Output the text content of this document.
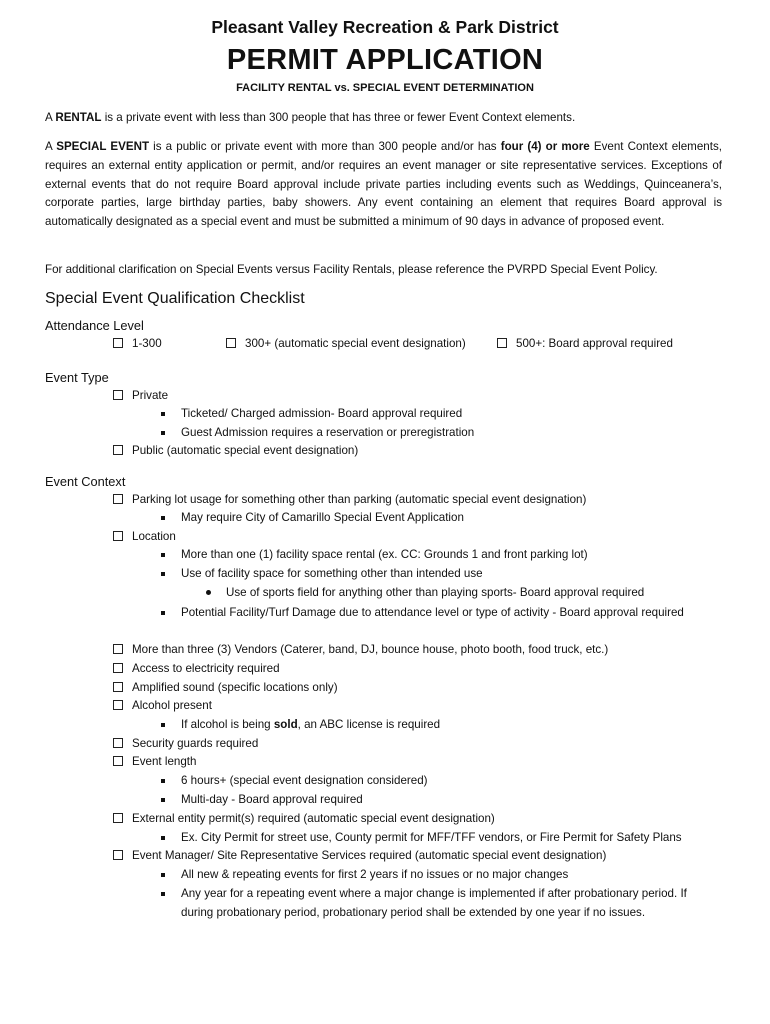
Pleasant Valley Recreation & Park District
PERMIT APPLICATION
FACILITY RENTAL vs. SPECIAL EVENT DETERMINATION
A RENTAL is a private event with less than 300 people that has three or fewer Event Context elements.
A SPECIAL EVENT is a public or private event with more than 300 people and/or has four (4) or more Event Context elements, requires an external entity application or permit, and/or requires an event manager or site representative services. Exceptions of external events that do not require Board approval include private parties including events such as Weddings, Quinceanera’s, corporate parties, large birthday parties, baby showers. Any event containing an element that requires Board approval is automatically designated as a special event and must be submitted a minimum of 90 days in advance of proposed event.
For additional clarification on Special Events versus Facility Rentals, please reference the PVRPD Special Event Policy.
Special Event Qualification Checklist
Attendance Level
1-300	300+ (automatic special event designation)	500+: Board approval required
Event Type
Private
Ticketed/ Charged admission- Board approval required
Guest Admission requires a reservation or preregistration
Public (automatic special event designation)
Event Context
Parking lot usage for something other than parking (automatic special event designation)
May require City of Camarillo Special Event Application
Location
More than one (1) facility space rental (ex. CC: Grounds 1 and front parking lot)
Use of facility space for something other than intended use
Use of sports field for anything other than playing sports- Board approval required
Potential Facility/Turf Damage due to attendance level or type of activity - Board approval required
More than three (3) Vendors (Caterer, band, DJ, bounce house, photo booth, food truck, etc.)
Access to electricity required
Amplified sound (specific locations only)
Alcohol present
If alcohol is being sold, an ABC license is required
Security guards required
Event length
6 hours+ (special event designation considered)
Multi-day - Board approval required
External entity permit(s) required (automatic special event designation)
Ex. City Permit for street use, County permit for MFF/TFF vendors, or Fire Permit for Safety Plans
Event Manager/ Site Representative Services required (automatic special event designation)
All new & repeating events for first 2 years if no issues or no major changes
Any year for a repeating event where a major change is implemented if after probationary period. If during probationary period, probationary period shall be extended by one year if no issues.
